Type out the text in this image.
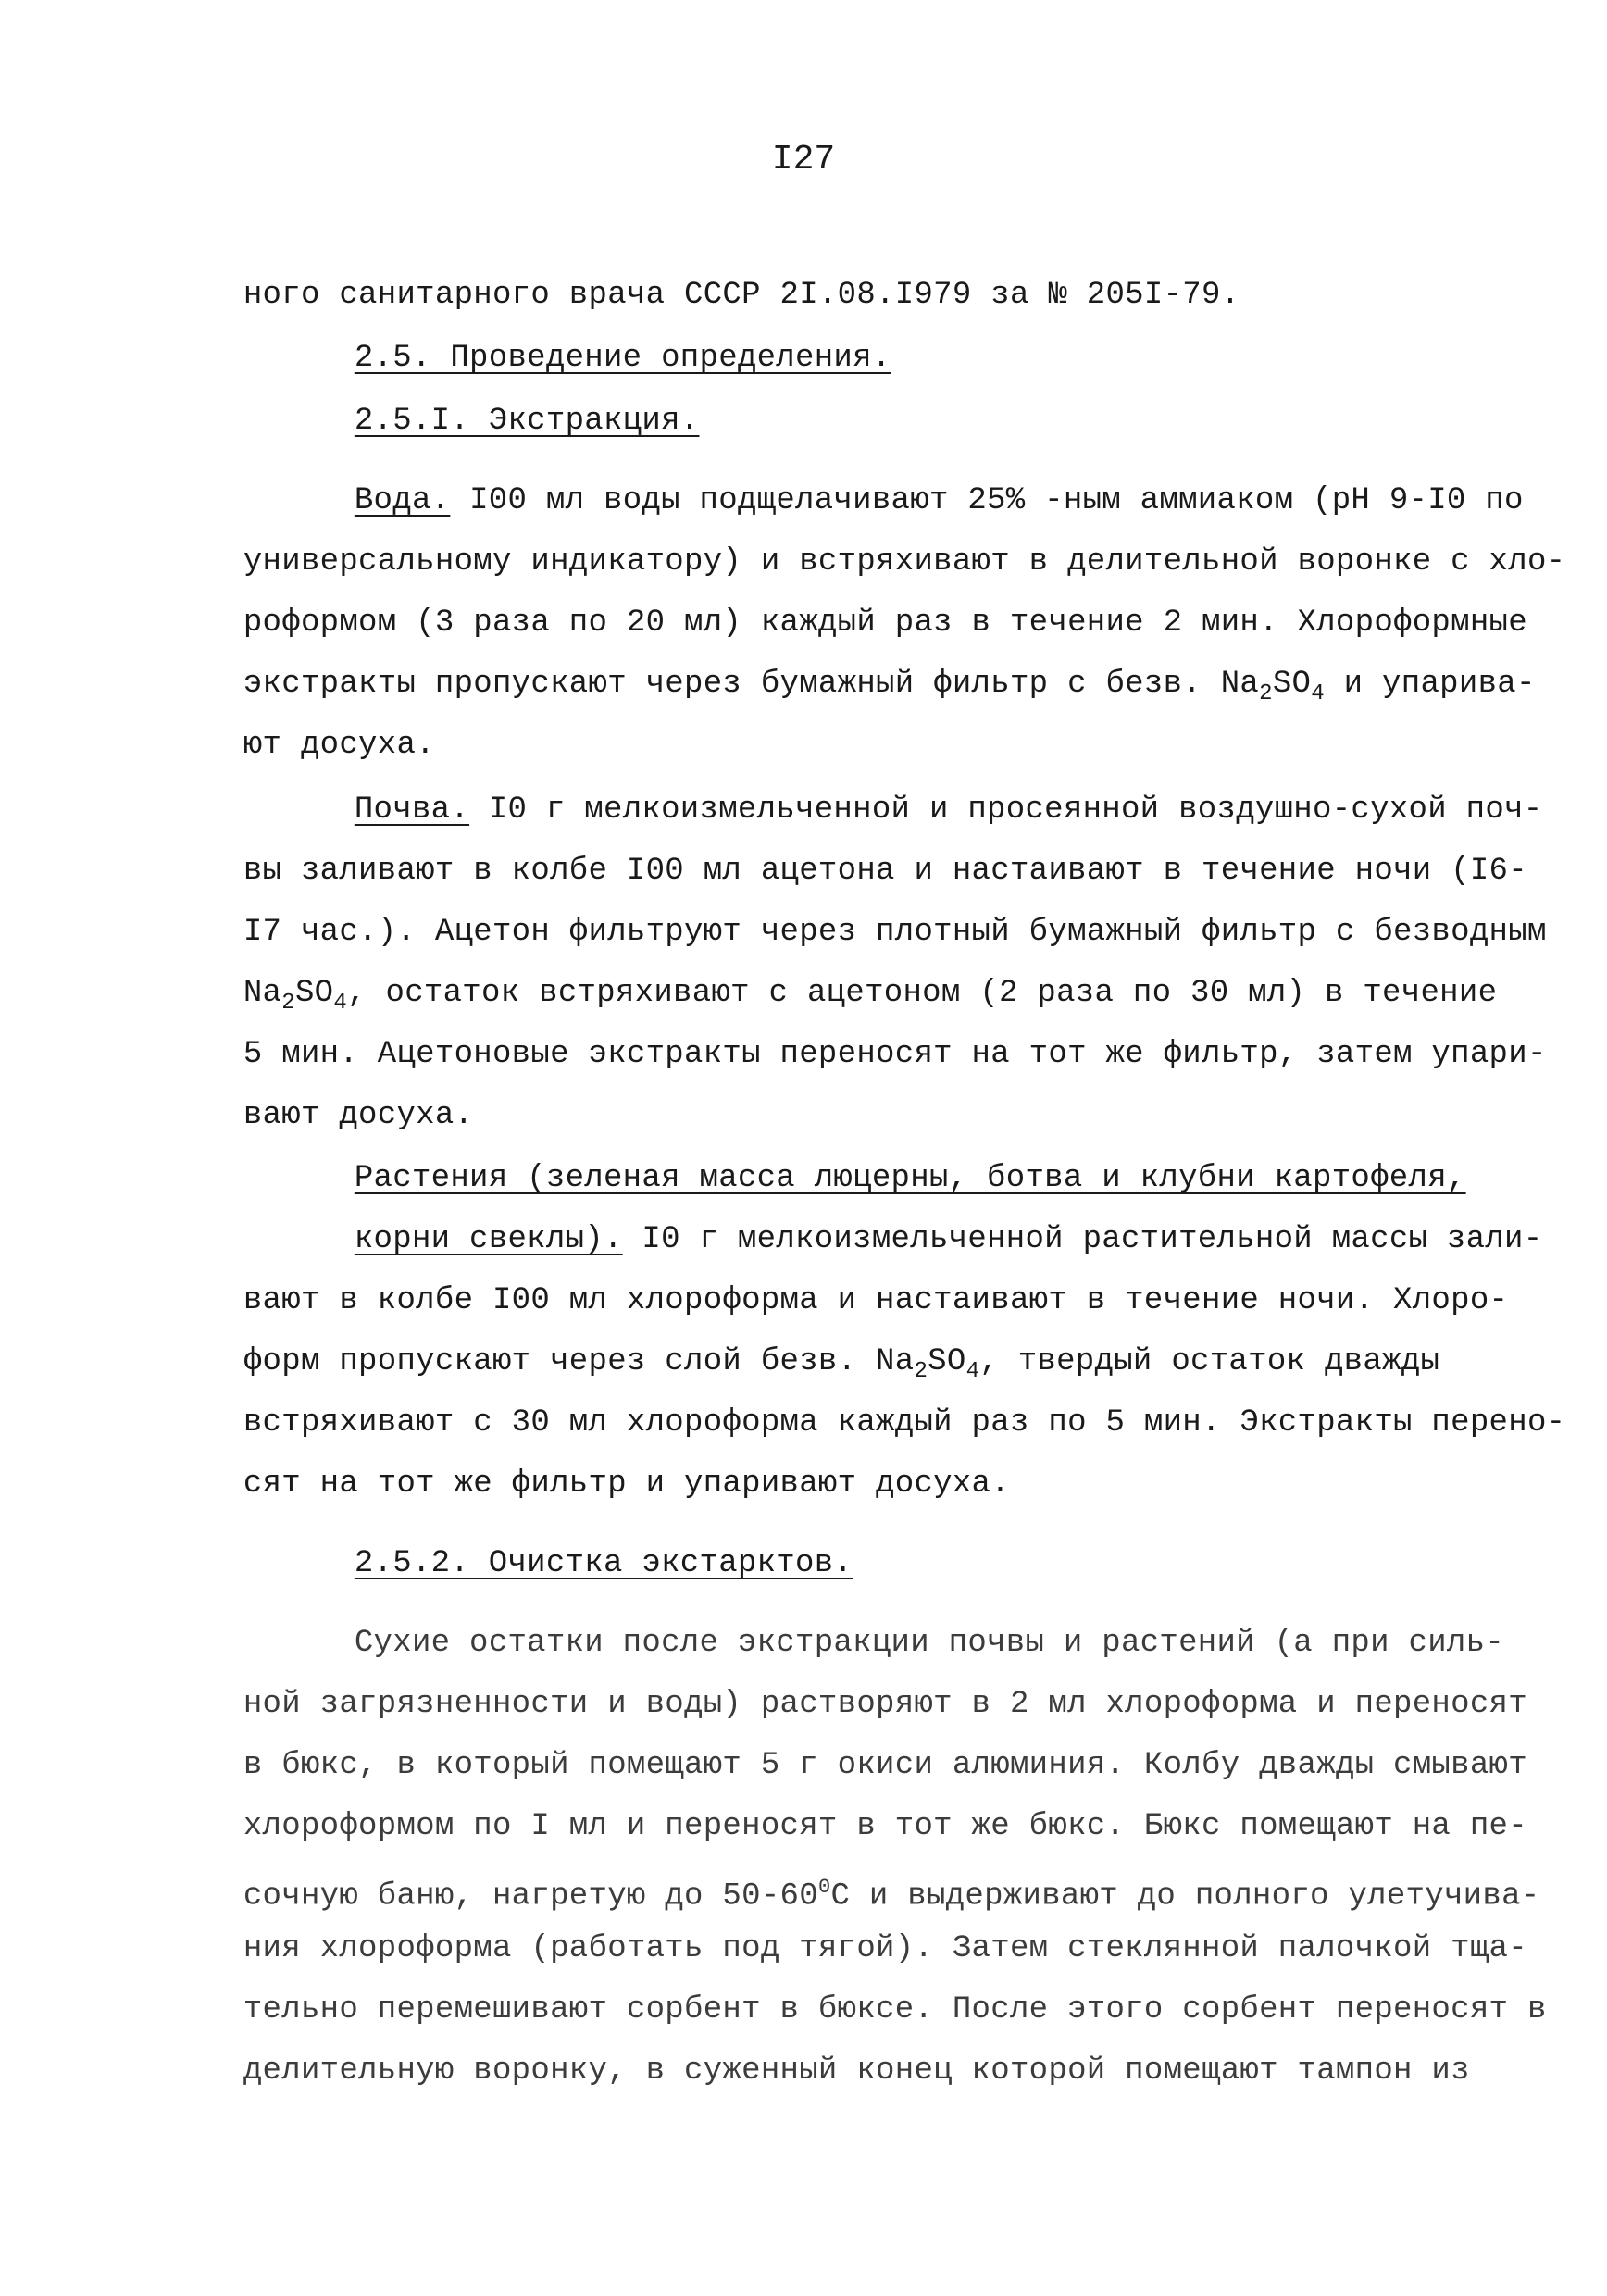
I27

ного санитарного врача СССР 2I.08.I979 за № 205I-79.

2.5. Проведение определения.

2.5.I. Экстракция.

Вода. I00 мл воды подщелачивают 25% -ным аммиаком (pH 9-I0 по

универсальному индикатору) и встряхивают в делительной воронке с хло-

роформом (3 раза по 20 мл) каждый раз в течение 2 мин. Хлороформные

экстракты пропускают через бумажный фильтр с безв. $Na_2SO_4$ и упарива-

ют досуха.

Почва. I0 г мелкоизмельченной и просеянной воздушно-сухой поч-

вы заливают в колбе I00 мл ацетона и настаивают в течение ночи (I6-

I7 час.). Ацетон фильтруют через плотный бумажный фильтр с безводным

$Na_2SO_4$, остаток встряхивают с ацетоном (2 раза по 30 мл) в течение

5 мин. Ацетоновые экстракты переносят на тот же фильтр, затем упари-

вают досуха.

Растения (зеленая масса люцерны, ботва и клубни картофеля,

корни свеклы). I0 г мелкоизмельченной растительной массы зали-

вают в колбе I00 мл хлороформа и настаивают в течение ночи. Хлоро-

форм пропускают через слой безв. $Na_2SO_4$, твердый остаток дважды

встряхивают с 30 мл хлороформа каждый раз по 5 мин. Экстракты перено-

сят на тот же фильтр и упаривают досуха.

2.5.2. Очистка экстарктов.

Сухие остатки после экстракции почвы и растений (а при силь-

ной загрязненности и воды) растворяют в 2 мл хлороформа и переносят

в бюкс, в который помещают 5 г окиси алюминия. Колбу дважды смывают

хлороформом по I мл и переносят в тот же бюкс. Бюкс помещают на пе-

сочную баню, нагретую до $50-60^0С$ и выдерживают до полного улетучива-

ния хлороформа (работать под тягой). Затем стеклянной палочкой тща-

тельно перемешивают сорбент в бюксе. После этого сорбент переносят в

делительную воронку, в суженный конец которой помещают тампон из
